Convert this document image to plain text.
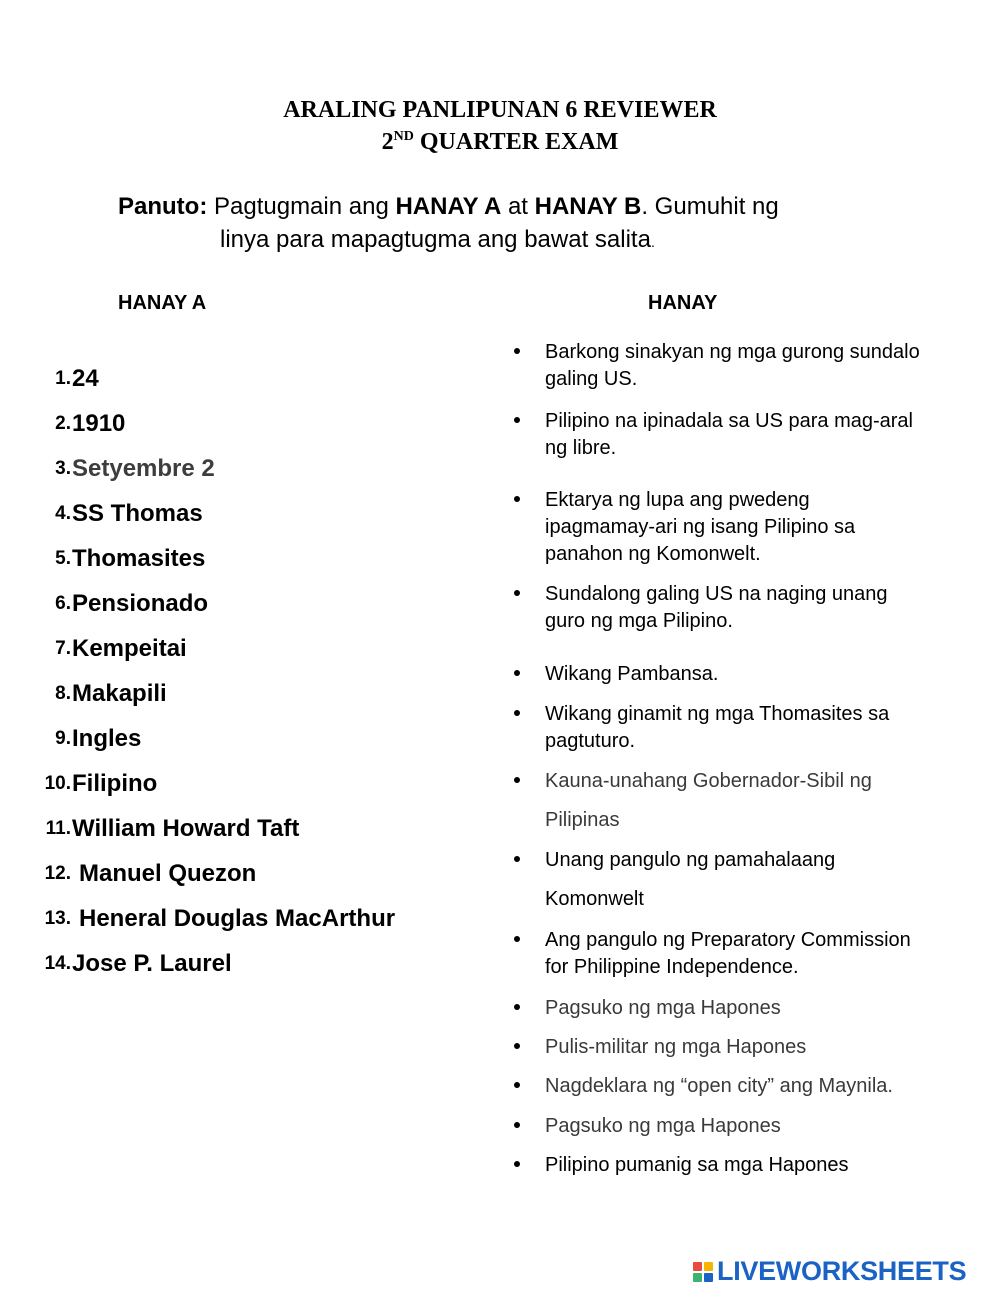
ARALING PANLIPUNAN 6 REVIEWER
2ND QUARTER EXAM
Panuto: Pagtugmain ang HANAY A at HANAY B. Gumuhit ng
linya para mapagtugma ang bawat salita.
HANAY A	HANAY
1. 24
2. 1910
3. Setyembre 2
4. SS Thomas
5. Thomasites
6. Pensionado
7. Kempeitai
8. Makapili
9. Ingles
10. Filipino
11. William Howard Taft
12. Manuel Quezon
13. Heneral Douglas MacArthur
14. Jose P. Laurel
Barkong sinakyan ng mga gurong sundalo
galing US.
Pilipino na ipinadala sa US para mag-aral
ng libre.
Ektarya ng lupa ang pwedeng
ipagmamay-ari ng isang Pilipino sa
panahon ng Komonwelt.
Sundalong galing US na naging unang
guro ng mga Pilipino.
Wikang Pambansa.
Wikang ginamit ng mga Thomasites sa
pagtuturo.
Kauna-unahang Gobernador-Sibil ng
Pilipinas
Unang pangulo ng pamahalaang
Komonwelt
Ang pangulo ng Preparatory Commission
for Philippine Independence.
Pagsuko ng mga Hapones
Pulis-militar ng mga Hapones
Nagdeklara ng “open city” ang Maynila.
Pagsuko ng mga Hapones
Pilipino pumanig sa mga Hapones
LIVEWORKSHEETS
